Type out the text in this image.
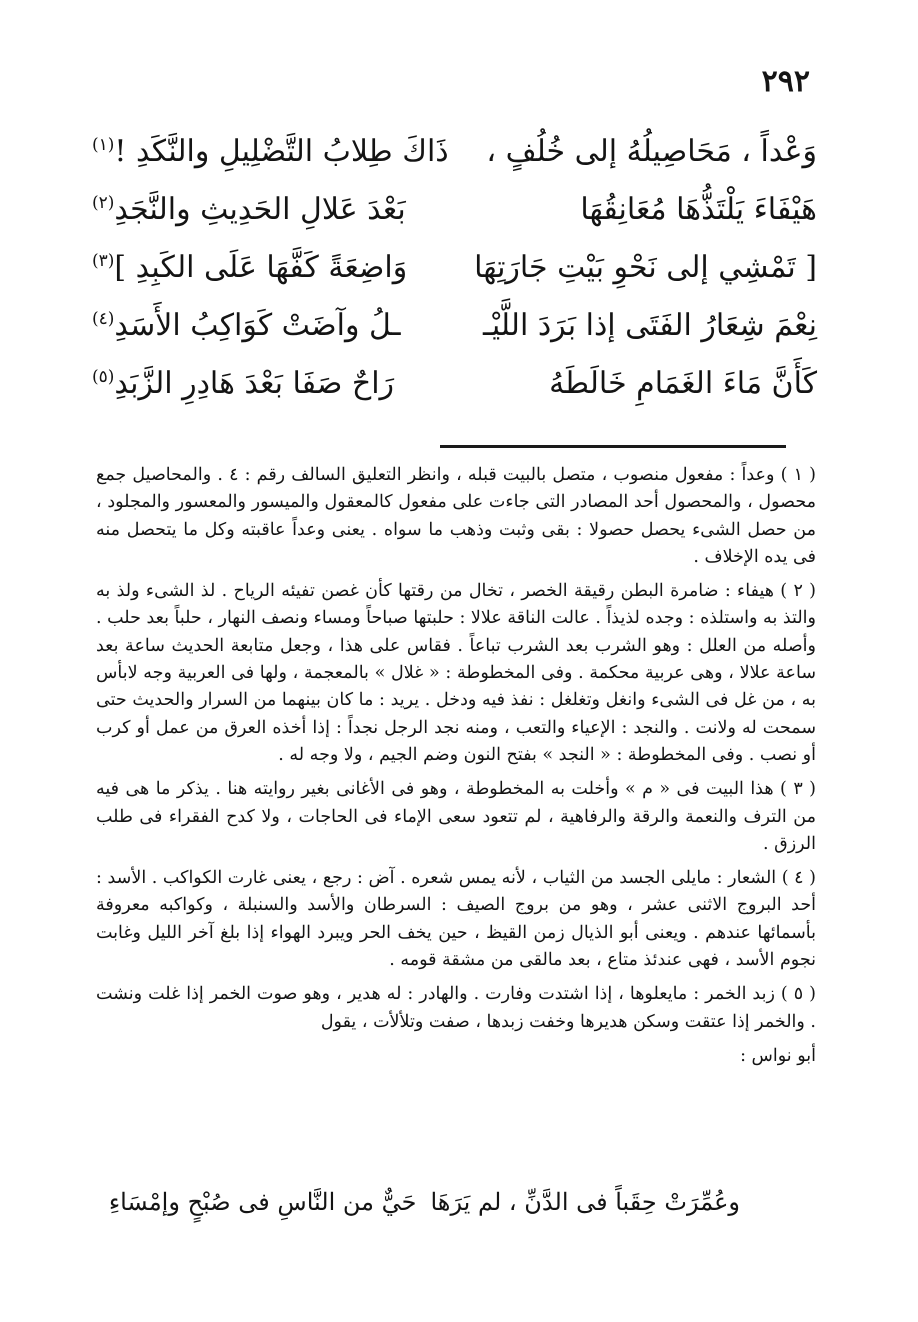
٢٩٢
وَعْداً ، مَحَاصِيلُهُ إلى خُلُفٍ ،
ذَاكَ طِلابُ التَّضْلِيلِ والنَّكَدِ !$^{(١)}$
هَيْفَاءَ يَلْتَذُّهَا مُعَانِقُهَا
بَعْدَ عَلالِ الحَدِيثِ والنَّجَدِ$^{(٢)}$
[ تَمْشِي إلى نَحْوِ بَيْتِ جَارَتِهَا
وَاضِعَةً كَفَّهَا عَلَى الكَبِدِ ]$^{(٣)}$
نِعْمَ شِعَارُ الفَتَى إذا بَرَدَ اللَّيْـ
ـلُ وآضَتْ كَوَاكِبُ الأَسَدِ$^{(٤)}$
كَأَنَّ مَاءَ الغَمَامِ خَالَطَهُ
رَاحٌ صَفَا بَعْدَ هَادِرِ الزَّبَدِ$^{(٥)}$

( ١ ) وعداً : مفعول منصوب ، متصل بالبيت قبله ، وانظر التعليق السالف رقم : ٤ . والمحاصيل جمع محصول ، والمحصول أحد المصادر التى جاءت على مفعول كالمعقول والميسور والمعسور والمجلود ، من حصل الشىء يحصل حصولا : بقى وثبت وذهب ما سواه . يعنى وعداً عاقبته وكل ما يتحصل منه فى يده الإخلاف .

( ٢ ) هيفاء : ضامرة البطن رقيقة الخصر ، تخال من رقتها كأن غصن تفيئه الرياح . لذ الشىء ولذ به والتذ به واستلذه : وجده لذيذاً . عالت الناقة علالا : حلبتها صباحاً ومساء ونصف النهار ، حلباً بعد حلب . وأصله من العلل : وهو الشرب بعد الشرب تباعاً . فقاس على هذا ، وجعل متابعة الحديث ساعة بعد ساعة علالا ، وهى عربية محكمة . وفى المخطوطة : « غلال » بالمعجمة ، ولها فى العربية وجه لابأس به ، من غل فى الشىء وانغل وتغلغل : نفذ فيه ودخل . يريد : ما كان بينهما من السرار والحديث حتى سمحت له ولانت . والنجد : الإعياء والتعب ، ومنه نجد الرجل نجداً : إذا أخذه العرق من عمل أو كرب أو نصب . وفى المخطوطة : « النجد » بفتح النون وضم الجيم ، ولا وجه له .

( ٣ ) هذا البيت فى « م » وأخلت به المخطوطة ، وهو فى الأغانى بغير روايته هنا . يذكر ما هى فيه من الترف والنعمة والرقة والرفاهية ، لم تتعود سعى الإماء فى الحاجات ، ولا كدح الفقراء فى طلب الرزق .

( ٤ ) الشعار : مايلى الجسد من الثياب ، لأنه يمس شعره . آض : رجع ، يعنى غارت الكواكب . الأسد : أحد البروج الاثنى عشر ، وهو من بروج الصيف : السرطان والأسد والسنبلة ، وكواكبه معروفة بأسمائها عندهم . ويعنى أبو الذيال زمن القيظ ، حين يخف الحر ويبرد الهواء إذا بلغ آخر الليل وغابت نجوم الأسد ، فهى عندئذ متاع ، بعد مالقى من مشقة قومه .

( ٥ ) زبد الخمر : مايعلوها ، إذا اشتدت وفارت . والهادر : له هدير ، وهو صوت الخمر إذا غلت ونشت . والخمر إذا عتقت وسكن هديرها وخفت زبدها ، صفت وتلألأت ، يقول

أبو نواس :

وعُمِّرَتْ حِقَباً فى الدَّنِّ ، لم يَرَهَا
حَيٌّ من النَّاسِ فى صُبْحٍ وإمْسَاءِ
